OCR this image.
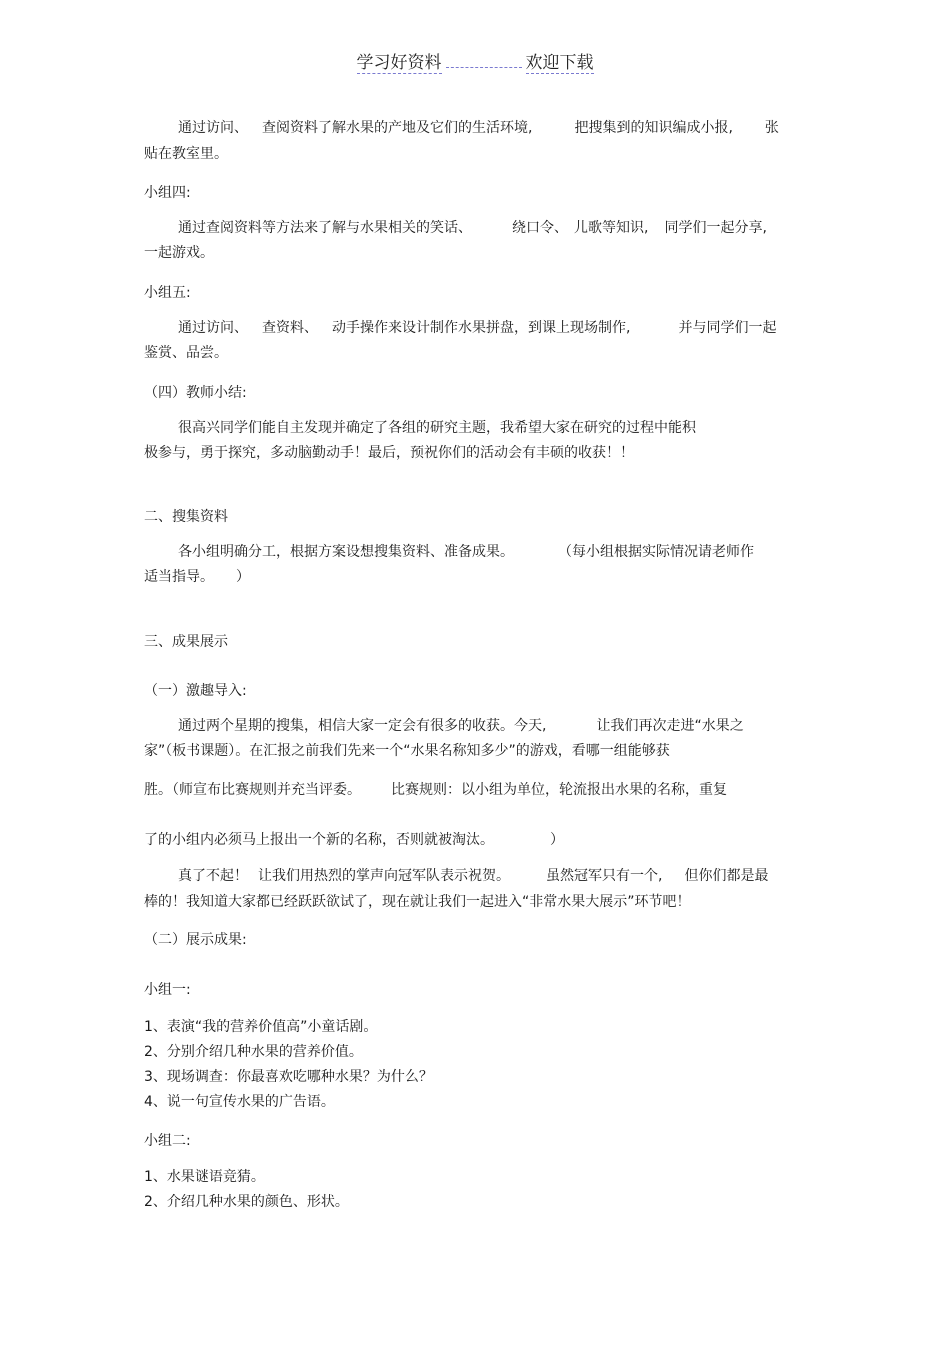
学习好资料	欢迎下载
通过访问、 查阅资料了解水果的产地及它们的生活环境,	把搜集到的知识编成小报, 张
贴在教室里。
小组四:
通过查阅资料等方法来了解与水果相关的笑话、	绕口令、 儿歌等知识, 同学们一起分享,
一起游戏。
小组五:
通过访问、 查资料、 动手操作来设计制作水果拼盘，到课上现场制作,	并与同学们一起
鉴赏、品尝。
（四）教师小结:
很高兴同学们能自主发现并确定了各组的研究主题，我希望大家在研究的过程中能积
极参与，勇于探究，多动脑勤动手！最后，预祝你们的活动会有丰硕的收获！！
二、搜集资料
各小组明确分工，根据方案设想搜集资料、准备成果。	（每小组根据实际情况请老师作
适当指导。 ）
三、成果展示
（一）激趣导入:
通过两个星期的搜集，相信大家一定会有很多的收获。今天,	让我们再次走进“水果之
家”（板书课题）。在汇报之前我们先来一个“水果名称知多少”的游戏，看哪一组能够获
胜。（师宣布比赛规则并充当评委。 比赛规则：以小组为单位，轮流报出水果的名称，重复
了的小组内必须马上报出一个新的名称，否则就被淘汰。	）
真了不起！ 让我们用热烈的掌声向冠军队表示祝贺。	虽然冠军只有一个, 但你们都是最
棒的！我知道大家都已经跃跃欲试了，现在就让我们一起进入“非常水果大展示”环节吧！
（二）展示成果:
小组一:
1、表演“我的营养价值高”小童话剧。
2、分别介绍几种水果的营养价值。
3、现场调查：你最喜欢吃哪种水果？为什么？
4、说一句宣传水果的广告语。
小组二:
1、水果谜语竞猜。
2、介绍几种水果的颜色、形状。
